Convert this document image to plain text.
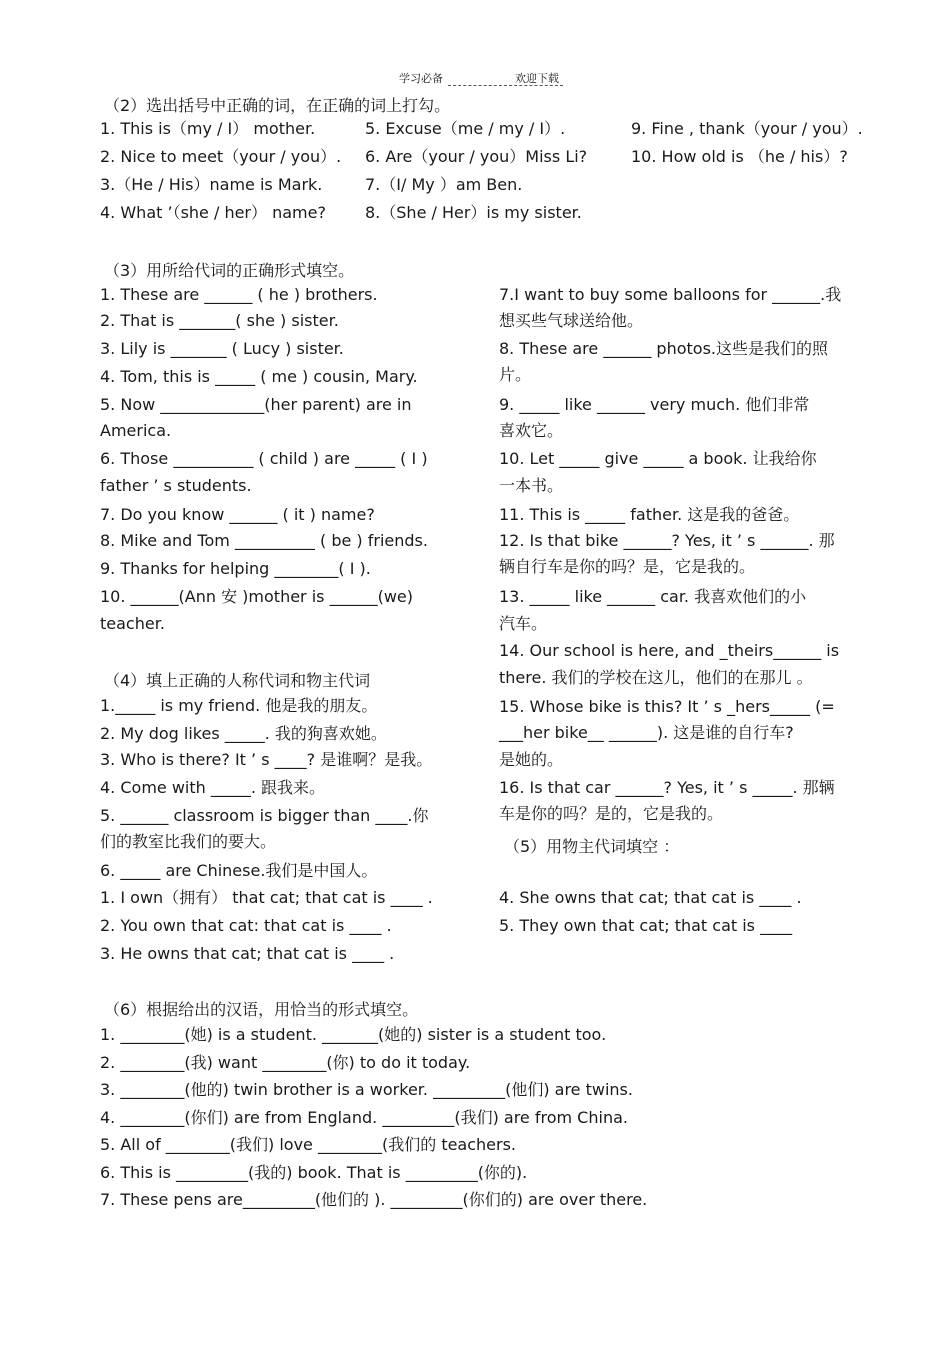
学习必备	欢迎下载
（2）选出括号中正确的词，在正确的词上打勾。
1. This is（my / I） mother.
2. Nice to meet（your / you）.
3.（He / His）name is Mark.
4. What ’（she / her） name?
5. Excuse（me / my / I）.
6. Are（your / you）Miss Li?
7.（I/ My ）am Ben.
8.（She / Her）is my sister.
9. Fine , thank（your / you）.
10. How old is （he / his）?
（3）用所给代词的正确形式填空。
1. These are ______ ( he ) brothers.
2. That is _______( she ) sister.
3. Lily is _______ ( Lucy ) sister.
4. Tom, this is _____ ( me ) cousin, Mary.
5. Now _____________(her parent) are in
America.
6. Those __________ ( child ) are _____ ( I )
father ’ s students.
7. Do you know ______ ( it ) name?
8. Mike and Tom __________ ( be ) friends.
9. Thanks for helping ________( I ).
10. ______(Ann 安 )mother is ______(we)
teacher.
7.I want to buy some balloons for ______.我
想买些气球送给他。
8. These are ______ photos.这些是我们的照
片。
9. _____ like ______ very much. 他们非常
喜欢它。
10. Let _____ give _____ a book. 让我给你
一本书。
11. This is _____ father. 这是我的爸爸。
12. Is that bike ______? Yes, it ’ s ______. 那
辆自行车是你的吗？是，它是我的。
13. _____ like ______ car. 我喜欢他们的小
汽车。
14. Our school is here, and _theirs______ is
there. 我们的学校在这儿，他们的在那儿 。
15. Whose bike is this? It ’ s _hers_____ (=
___her bike__ ______). 这是谁的自行车?
是她的。
16. Is that car ______? Yes, it ’ s _____. 那辆
车是你的吗？是的，它是我的。
（4）填上正确的人称代词和物主代词
1._____ is my friend. 他是我的朋友。
2. My dog likes _____. 我的狗喜欢她。
3. Who is there? It ’ s ____? 是谁啊？是我。
4. Come with _____. 跟我来。
5. ______ classroom is bigger than ____.你
们的教室比我们的要大。
6. _____ are Chinese.我们是中国人。
（5）用物主代词填空 ：
1. I own（拥有） that cat; that cat is ____ .
2. You own that cat: that cat is ____ .
3. He owns that cat; that cat is ____ .
4. She owns that cat; that cat is ____ .
5. They own that cat; that cat is ____
（6）根据给出的汉语，用恰当的形式填空。
1. ________(她) is a student. _______(她的) sister is a student too.
2. ________(我) want ________(你) to do it today.
3. ________(他的) twin brother is a worker. _________(他们) are twins.
4. ________(你们) are from England. _________(我们) are from China.
5. All of ________(我们) love ________(我们的 teachers.
6. This is _________(我的) book. That is _________(你的).
7. These pens are_________(他们的 ). _________(你们的) are over there.
